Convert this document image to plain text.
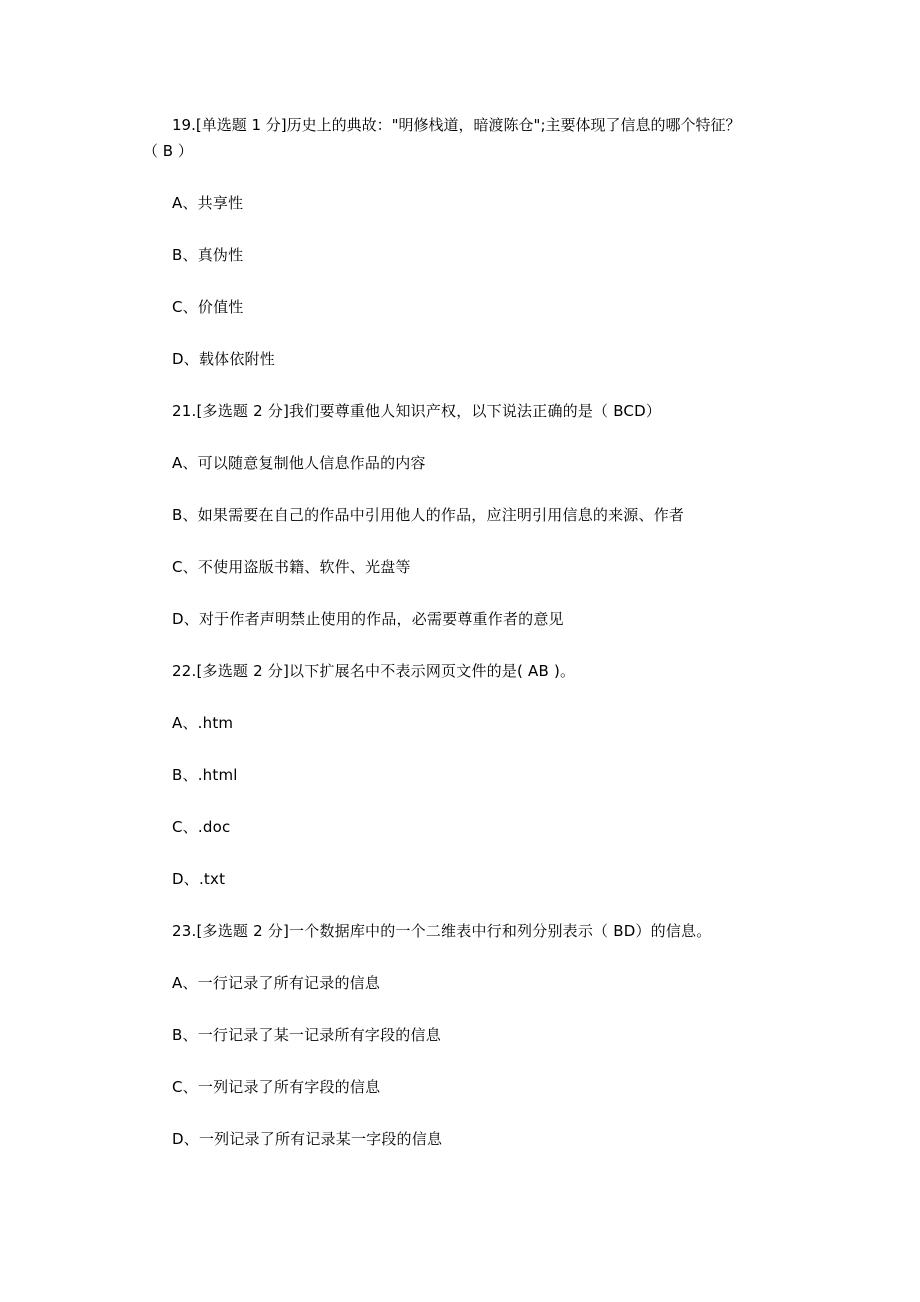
19.[单选题 1 分]历史上的典故："明修栈道，暗渡陈仓";主要体现了信息的哪个特征？
（ B ）
A、共享性
B、真伪性
C、价值性
D、载体依附性
21.[多选题 2 分]我们要尊重他人知识产权，以下说法正确的是（ BCD）
A、可以随意复制他人信息作品的内容
B、如果需要在自己的作品中引用他人的作品，应注明引用信息的来源、作者
C、不使用盗版书籍、软件、光盘等
D、对于作者声明禁止使用的作品，必需要尊重作者的意见
22.[多选题 2 分]以下扩展名中不表示网页文件的是( AB )。
A、.htm
B、.html
C、.doc
D、.txt
23.[多选题 2 分]一个数据库中的一个二维表中行和列分别表示（ BD）的信息。
A、一行记录了所有记录的信息
B、一行记录了某一记录所有字段的信息
C、一列记录了所有字段的信息
D、一列记录了所有记录某一字段的信息
